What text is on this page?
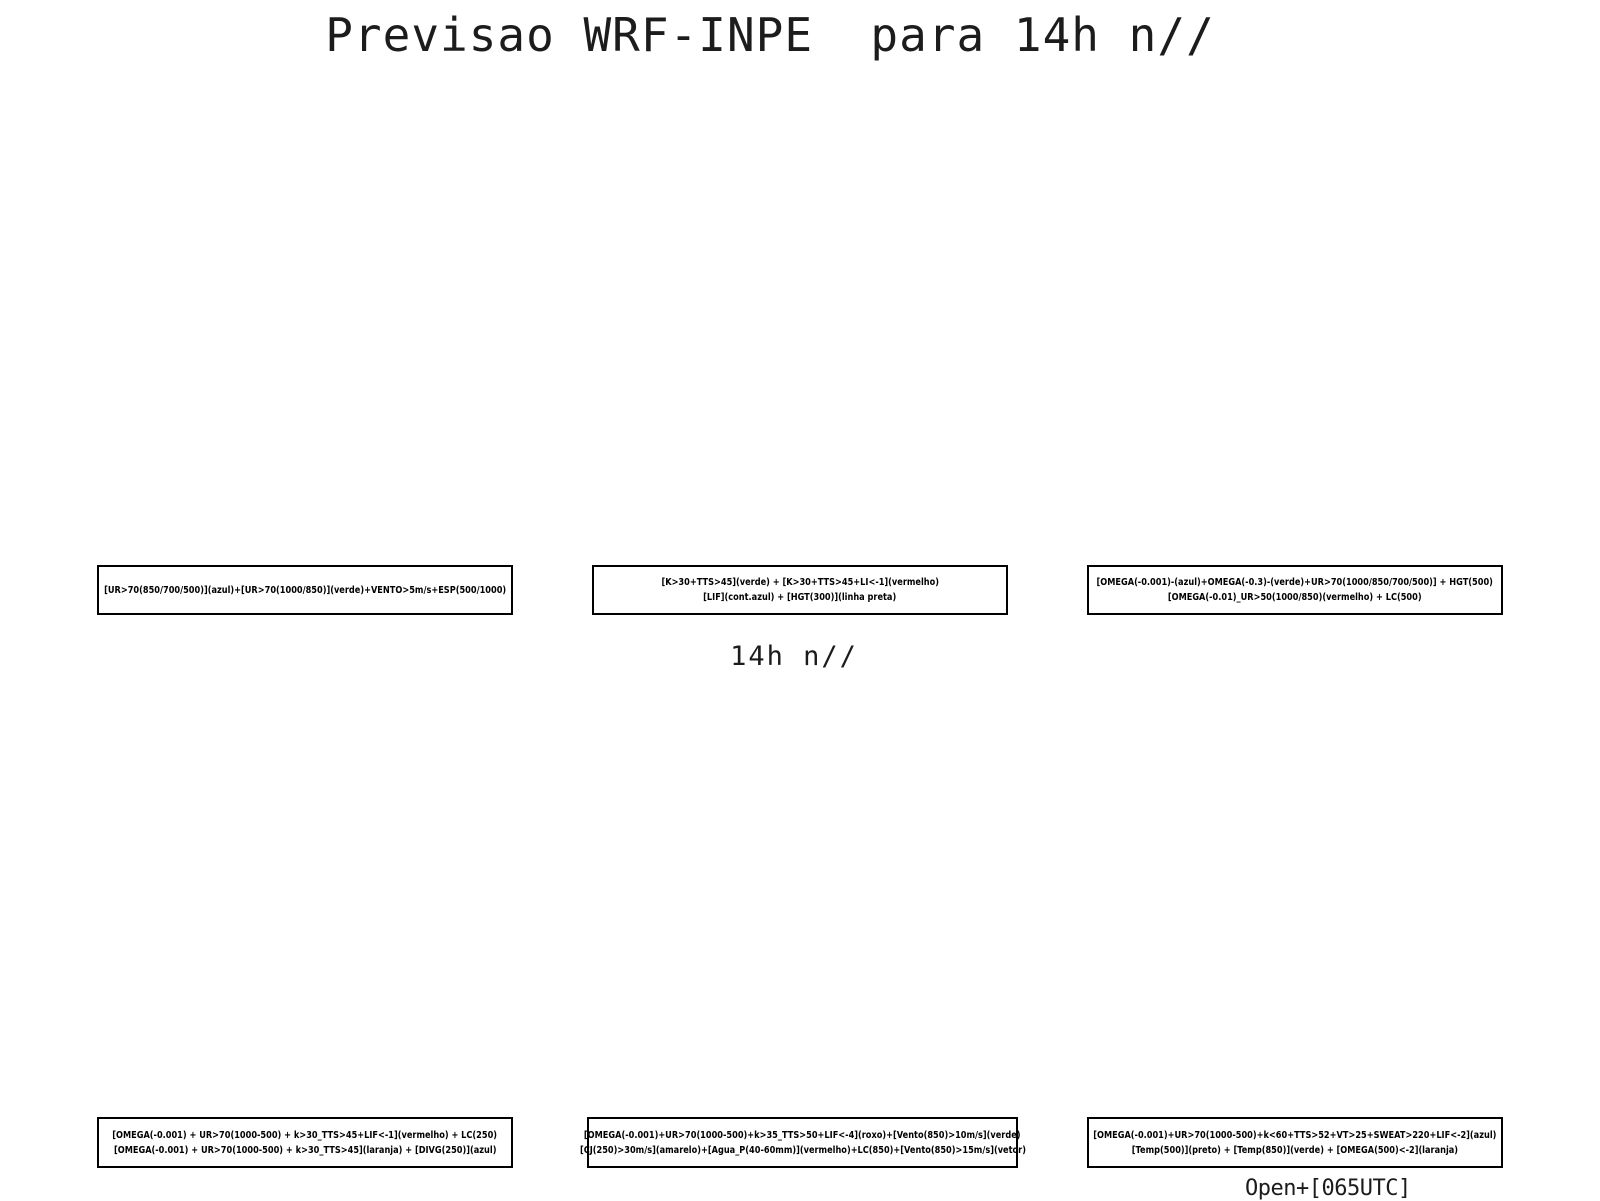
Previsao WRF-INPE  para 14h n//
[UR>70(850/700/500)](azul)+[UR>70(1000/850)](verde)+VENTO>5m/s+ESP(500/1000)
[K>30+TTS>45](verde) + [K>30+TTS>45+LI<-1](vermelho)
[LIF](cont.azul) + [HGT(300)](linha preta)
[OMEGA(-0.001)-(azul)+OMEGA(-0.3)-(verde)+UR>70(1000/850/700/500)] + HGT(500)
[OMEGA(-0.01)_UR>50(1000/850)(vermelho) + LC(500)
14h n//
[OMEGA(-0.001) + UR>70(1000-500) + k>30_TTS>45+LIF<-1](vermelho) + LC(250)
[OMEGA(-0.001) + UR>70(1000-500) + k>30_TTS>45](laranja) + [DIVG(250)](azul)
[OMEGA(-0.001)+UR>70(1000-500)+k>35_TTS>50+LIF<-4](roxo)+[Vento(850)>10m/s](verde)
[CJ(250)>30m/s](amarelo)+[Agua_P(40-60mm)](vermelho)+LC(850)+[Vento(850)>15m/s](vetor)
[OMEGA(-0.001)+UR>70(1000-500)+k<60+TTS>52+VT>25+SWEAT>220+LIF<-2](azul)
[Temp(500)](preto) + [Temp(850)](verde) + [OMEGA(500)<-2](laranja)
Open+[065UTC]
